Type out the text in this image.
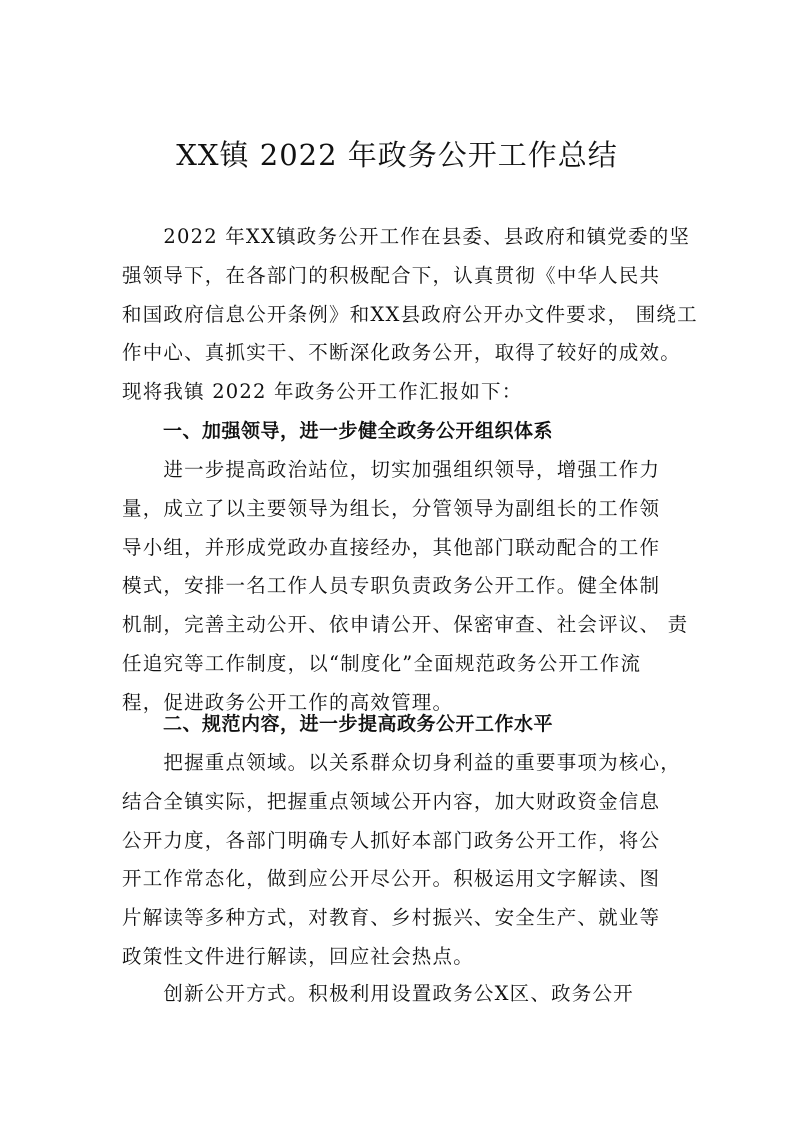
XX镇 2022 年政务公开工作总结
　　2022 年XX镇政务公开工作在县委、县政府和镇党委的坚
强领导下，在各部门的积极配合下，认真贯彻《中华人民共
和国政府信息公开条例》和XX县政府公开办文件要求， 围绕工
作中心、真抓实干、不断深化政务公开，取得了较好的成效。
现将我镇 2022 年政务公开工作汇报如下：
一、加强领导，进一步健全政务公开组织体系
　　进一步提高政治站位，切实加强组织领导，增强工作力
量，成立了以主要领导为组长，分管领导为副组长的工作领
导小组，并形成党政办直接经办，其他部门联动配合的工作
模式，安排一名工作人员专职负责政务公开工作。健全体制
机制，完善主动公开、依申请公开、保密审查、社会评议、 责
任追究等工作制度，以“制度化”全面规范政务公开工作流
程，促进政务公开工作的高效管理。
二、规范内容，进一步提高政务公开工作水平
　　把握重点领域。以关系群众切身利益的重要事项为核心，
结合全镇实际，把握重点领域公开内容，加大财政资金信息
公开力度，各部门明确专人抓好本部门政务公开工作，将公
开工作常态化，做到应公开尽公开。积极运用文字解读、图
片解读等多种方式，对教育、乡村振兴、安全生产、就业等
政策性文件进行解读，回应社会热点。
　　创新公开方式。积极利用设置政务公X区、政务公开
